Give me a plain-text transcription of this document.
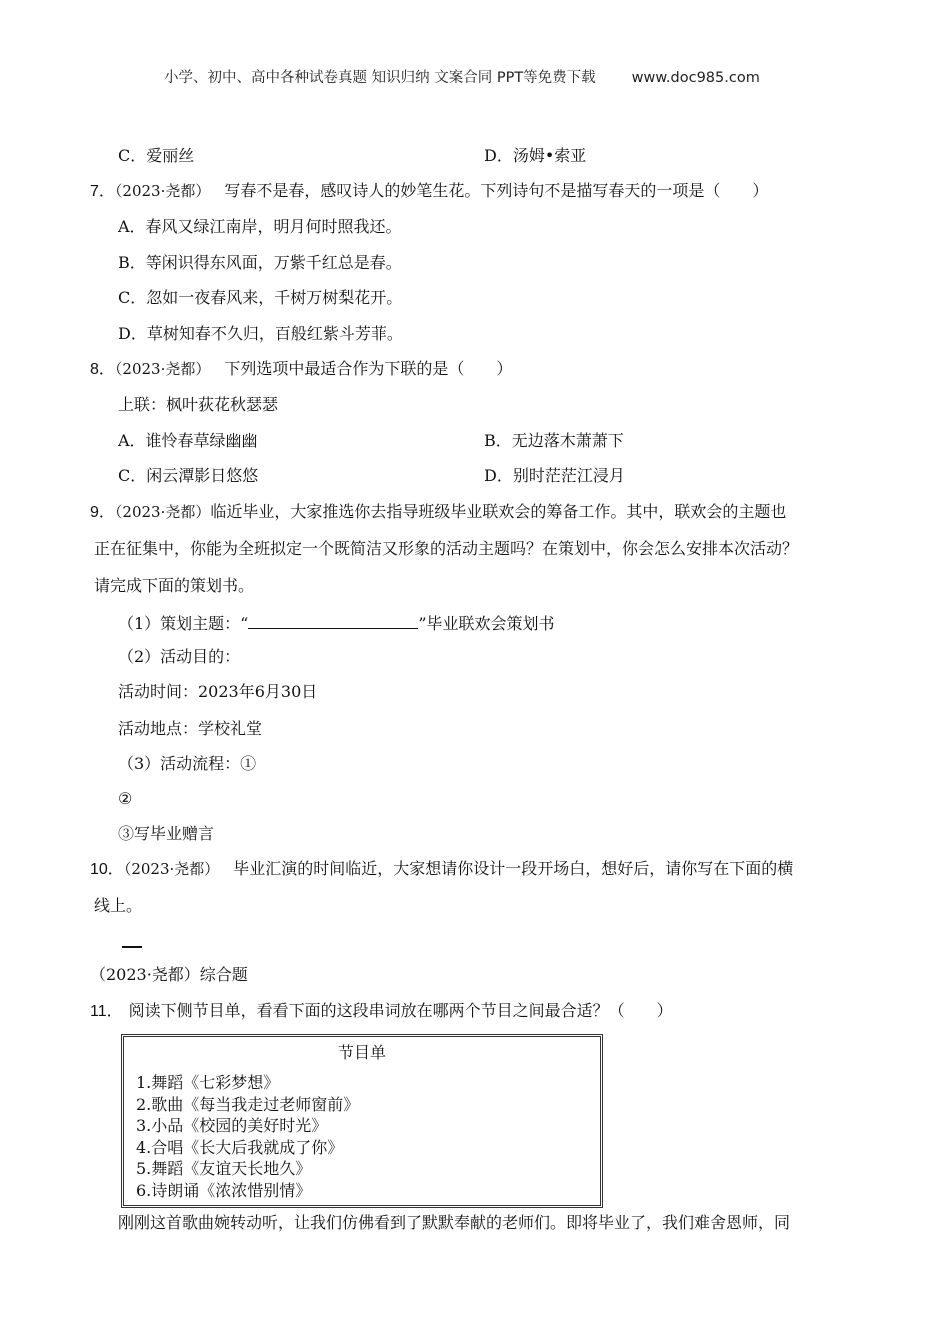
小学、初中、高中各种试卷真题 知识归纳 文案合同 PPT等免费下载 www.doc985.com
C．爱丽丝	D．汤姆•索亚
7．（2023·尧都） 写春不是春，感叹诗人的妙笔生花。下列诗句不是描写春天的一项是（　　）
A．春风又绿江南岸，明月何时照我还。
B．等闲识得东风面，万紫千红总是春。
C．忽如一夜春风来，千树万树梨花开。
D．草树知春不久归，百般红紫斗芳菲。
8．（2023·尧都） 下列选项中最适合作为下联的是（　　）
上联：枫叶荻花秋瑟瑟
A．谁怜春草绿幽幽	B．无边落木萧萧下
C．闲云潭影日悠悠	D．别时茫茫江浸月
9．（2023·尧都）临近毕业，大家推选你去指导班级毕业联欢会的筹备工作。其中，联欢会的主题也
正在征集中，你能为全班拟定一个既简洁又形象的活动主题吗？在策划中，你会怎么安排本次活动？
请完成下面的策划书。
（1）策划主题：“	”毕业联欢会策划书
（2）活动目的：
活动时间：2023年6月30日
活动地点：学校礼堂
（3）活动流程：①
②
③写毕业赠言
10．（2023·尧都） 毕业汇演的时间临近，大家想请你设计一段开场白，想好后，请你写在下面的横
线上。
（2023·尧都）综合题
11． 阅读下侧节目单，看看下面的这段串词放在哪两个节目之间最合适？（　　）
节目单
1.舞蹈《七彩梦想》
2.歌曲《每当我走过老师窗前》
3.小品《校园的美好时光》
4.合唱《长大后我就成了你》
5.舞蹈《友谊天长地久》
6.诗朗诵《浓浓惜别情》
刚刚这首歌曲婉转动听，让我们仿佛看到了默默奉献的老师们。即将毕业了，我们难舍恩师，同
